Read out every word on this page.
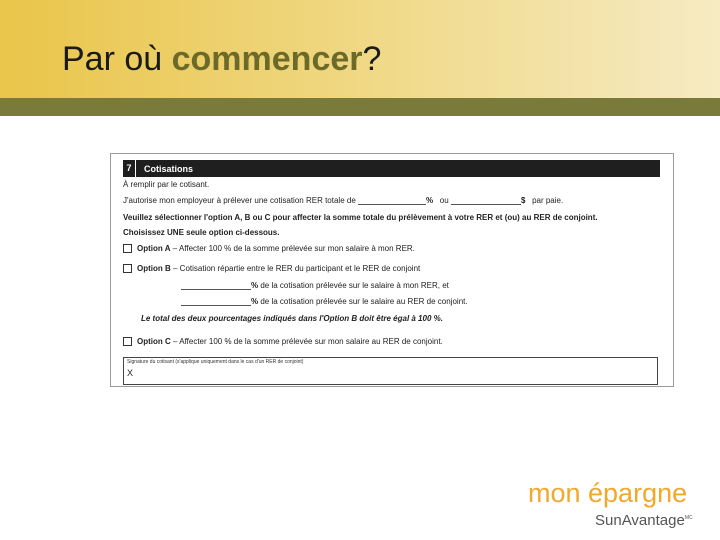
Par où commencer?
7	Cotisations
À remplir par le cotisant.
J'autorise mon employeur à prélever une cotisation RER totale de	% ou	$ par paie.
Veuillez sélectionner l'option A, B ou C pour affecter la somme totale du prélèvement à votre RER et (ou) au RER de conjoint.
Choisissez UNE seule option ci-dessous.
Option A – Affecter 100 % de la somme prélevée sur mon salaire à mon RER.
Option B – Cotisation répartie entre le RER du participant et le RER de conjoint
% de la cotisation prélevée sur le salaire à mon RER, et
% de la cotisation prélevée sur le salaire au RER de conjoint.
Le total des deux pourcentages indiqués dans l'Option B doit être égal à 100 %.
Option C – Affecter 100 % de la somme prélevée sur mon salaire au RER de conjoint.
Signature du cotisant (s'applique uniquement dans le cas d'un RER de conjoint)
X
mon épargne
SunAvantage$^{MC}$
